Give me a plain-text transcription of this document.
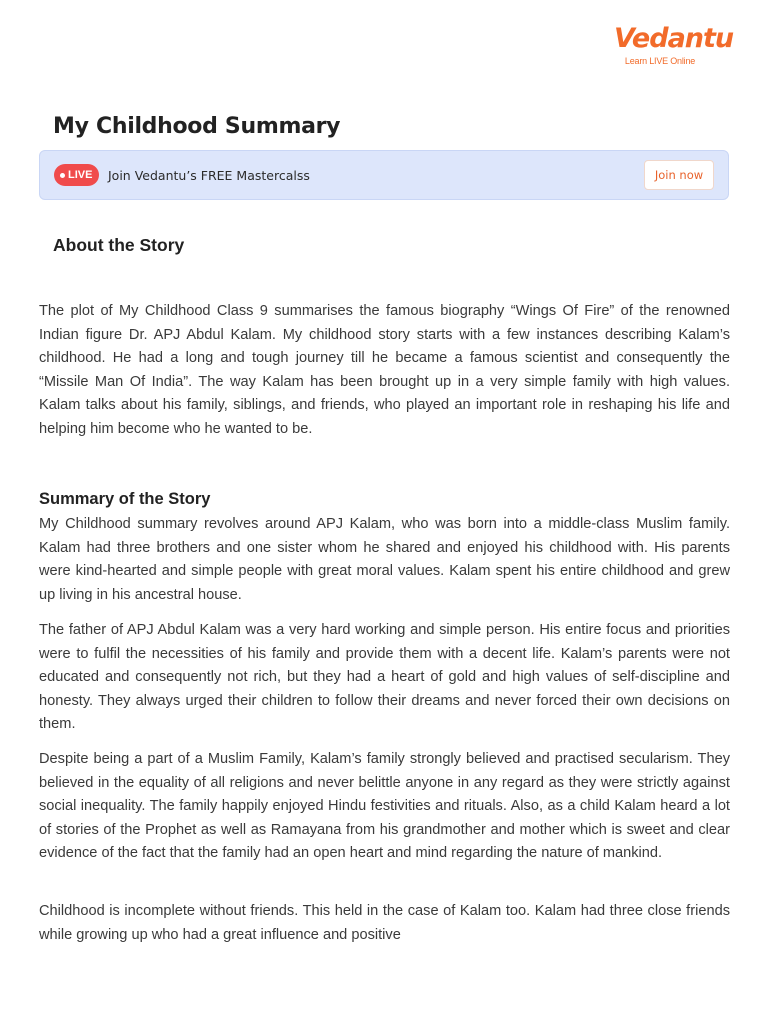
Vedantu
Learn LIVE Online
My Childhood Summary
LIVE Join Vedantu’s FREE Mastercalss	Join now
About the Story

The plot of My Childhood Class 9 summarises the famous biography “Wings Of Fire” of the renowned Indian figure Dr. APJ Abdul Kalam. My childhood story starts with a few instances describing Kalam’s childhood. He had a long and tough journey till he became a famous scientist and consequently the “Missile Man Of India”. The way Kalam has been brought up in a very simple family with high values. Kalam talks about his family, siblings, and friends, who played an important role in reshaping his life and helping him become who he wanted to be.

Summary of the Story

My Childhood summary revolves around APJ Kalam, who was born into a middle-class Muslim family. Kalam had three brothers and one sister whom he shared and enjoyed his childhood with. His parents were kind-hearted and simple people with great moral values. Kalam spent his entire childhood and grew up living in his ancestral house.

The father of APJ Abdul Kalam was a very hard working and simple person. His entire focus and priorities were to fulfil the necessities of his family and provide them with a decent life. Kalam’s parents were not educated and consequently not rich, but they had a heart of gold and high values of self-discipline and honesty. They always urged their children to follow their dreams and never forced their own decisions on them.

Despite being a part of a Muslim Family, Kalam’s family strongly believed and practised secularism. They believed in the equality of all religions and never belittle anyone in any regard as they were strictly against social inequality. The family happily enjoyed Hindu festivities and rituals. Also, as a child Kalam heard a lot of stories of the Prophet as well as Ramayana from his grandmother and mother which is sweet and clear evidence of the fact that the family had an open heart and mind regarding the nature of mankind.

Childhood is incomplete without friends. This held in the case of Kalam too. Kalam had three close friends while growing up who had a great influence and positive
